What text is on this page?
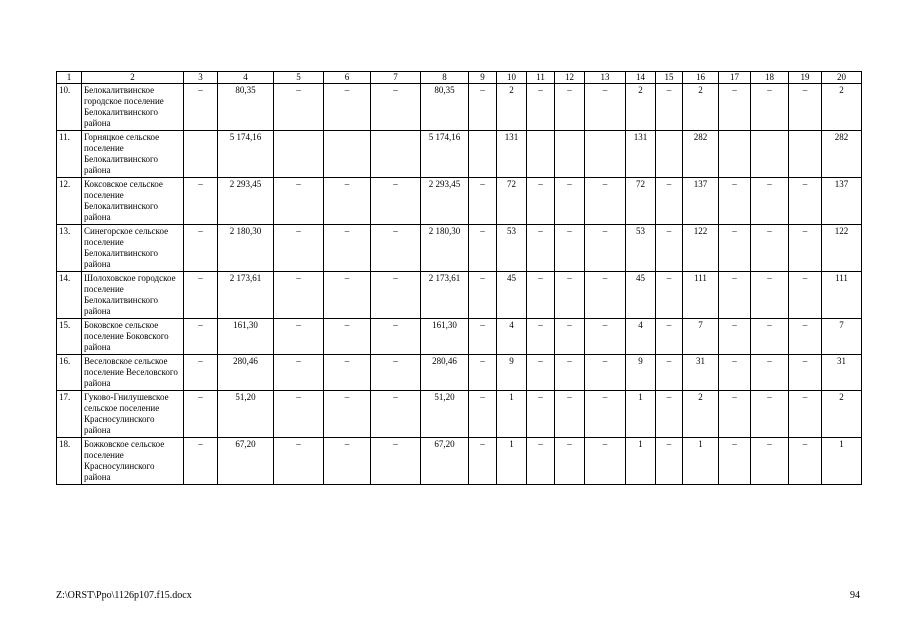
1	2	3	4	5	6	7	8	9	10	11	12	13	14	15	16	17	18	19	20
10.	Белокалитвинское городское поселение Белокалитвинского района	–	80,35	–	–	–	80,35	–	2	–	–	–	2	–	2	–	–	–	2
11.	Горняцкое сельское поселение Белокалитвинского района		5 174,16				5 174,16		131				131		282				282
12.	Коксовское сельское поселение Белокалитвинского района	–	2 293,45	–	–	–	2 293,45	–	72	–	–	–	72	–	137	–	–	–	137
13.	Синегорское сельское поселение Белокалитвинского района	–	2 180,30	–	–	–	2 180,30	–	53	–	–	–	53	–	122	–	–	–	122
14.	Шолоховское городское поселение Белокалитвинского района	–	2 173,61	–	–	–	2 173,61	–	45	–	–	–	45	–	111	–	–	–	111
15.	Боковское сельское поселение Боковского района	–	161,30	–	–	–	161,30	–	4	–	–	–	4	–	7	–	–	–	7
16.	Веселовское сельское поселение Веселовского района	–	280,46	–	–	–	280,46	–	9	–	–	–	9	–	31	–	–	–	31
17.	Гуково-Гнилушевское сельское поселение Красносулинского района	–	51,20	–	–	–	51,20	–	1	–	–	–	1	–	2	–	–	–	2
18.	Божковское сельское поселение Красносулинского района	–	67,20	–	–	–	67,20	–	1	–	–	–	1	–	1	–	–	–	1
Z:\ORST\Ppo\1126p107.f15.docx	94
